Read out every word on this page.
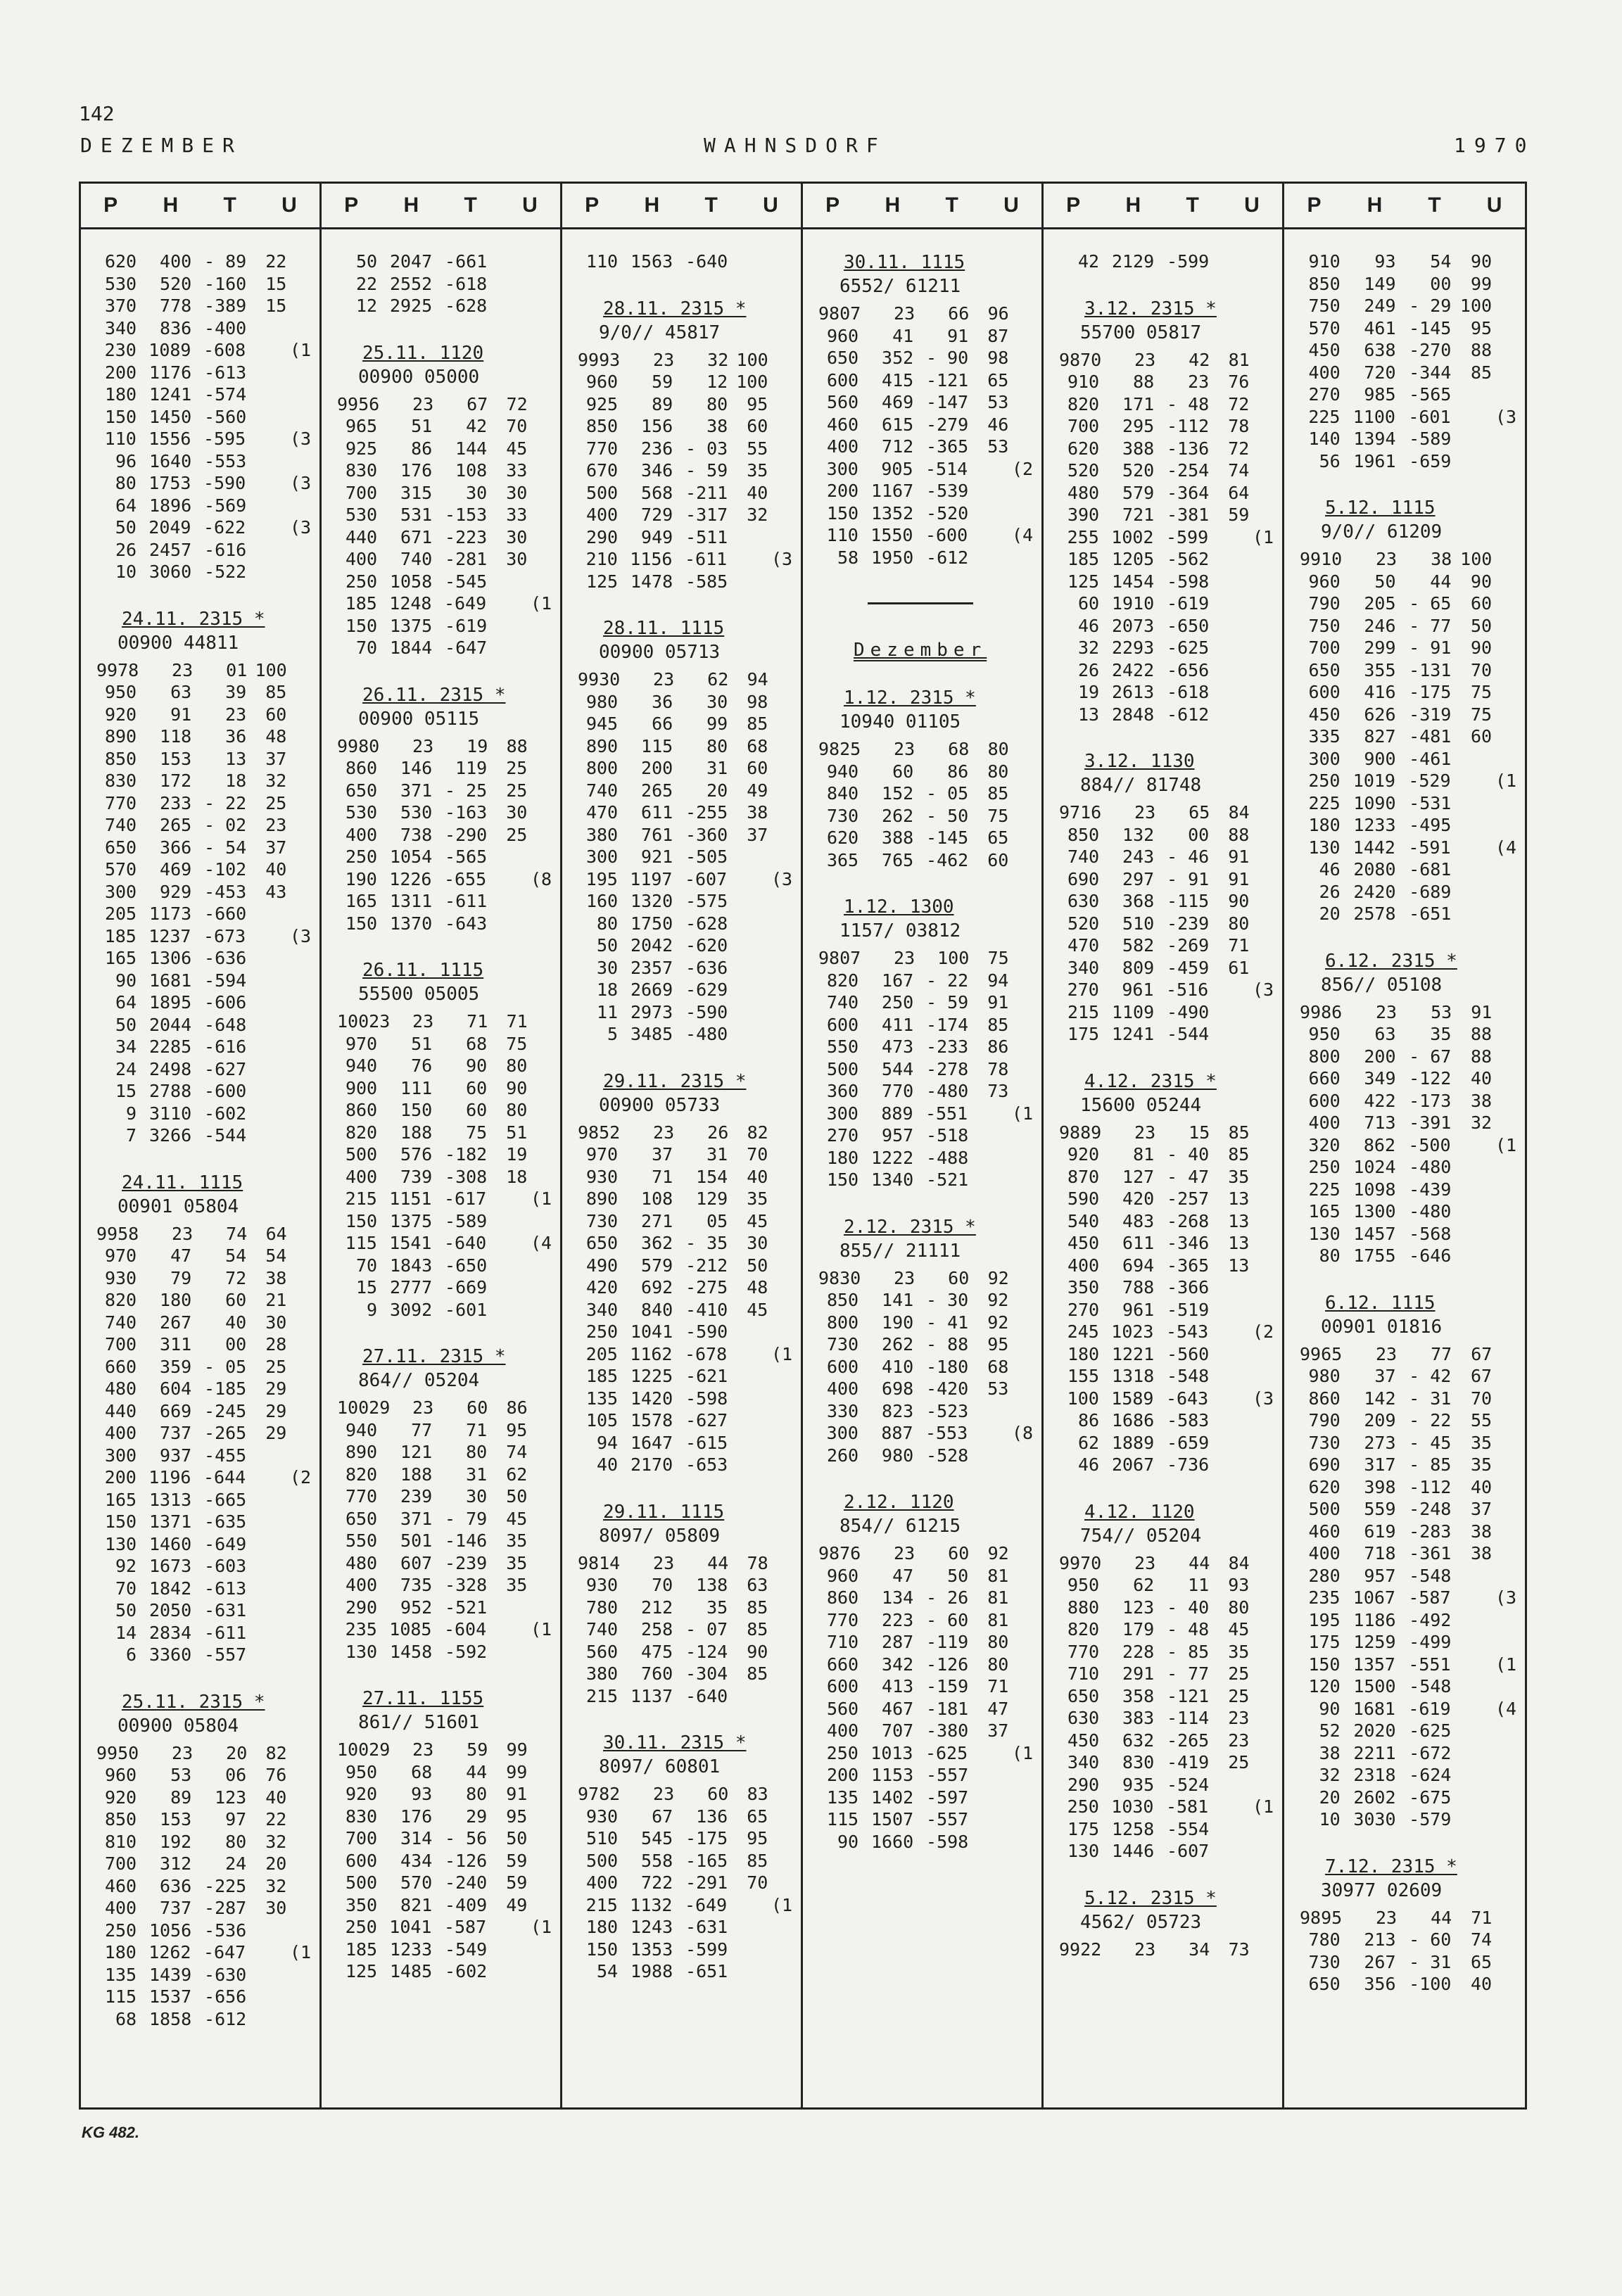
142
DEZEMBER	WAHNSDORF	1970
P H T U
620	400 - 89	22
530	520 -160	15
370	778 -389	15
340	836 -400
230 1089 -608	(1
200 1176 -613
180 1241 -574
150 1450 -560
110 1556 -595	(3
96 1640 -553
80 1753 -590	(3
64 1896 -569
50 2049 -622	(3
26 2457 -616
10 3060 -522
24.11. 2315 *
00900 44811
9978	23	01 100
950	63	39	85
920	91	23	60
890	118	36	48
850	153	13	37
830	172	18	32
770	233 - 22	25
740	265 - 02	23
650	366 - 54	37
570	469 -102	40
300	929 -453	43
205 1173 -660
185 1237 -673	(3
165 1306 -636
90 1681 -594
64 1895 -606
50 2044 -648
34 2285 -616
24 2498 -627
15 2788 -600
9 3110 -602
7 3266 -544
24.11. 1115
00901 05804
9958	23	74	64
970	47	54	54
930	79	72	38
820	180	60	21
740	267	40	30
700	311	00	28
660	359 - 05	25
480	604 -185	29
440	669 -245	29
400	737 -265	29
300	937 -455
200 1196 -644	(2
165 1313 -665
150 1371 -635
130 1460 -649
92 1673 -603
70 1842 -613
50 2050 -631
14 2834 -611
6 3360 -557
25.11. 2315 *
00900 05804
9950	23	20	82
960	53	06	76
920	89	123	40
850	153	97	22
810	192	80	32
700	312	24	20
460	636 -225	32
400	737 -287	30
250 1056 -536
180 1262 -647	(1
135 1439 -630
115 1537 -656
68 1858 -612
P H T U
50 2047 -661
22 2552 -618
12 2925 -628
25.11. 1120
00900 05000
9956	23	67	72
965	51	42	70
925	86	144	45
830	176	108	33
700	315	30	30
530	531 -153	33
440	671 -223	30
400	740 -281	30
250 1058 -545
185 1248 -649	(1
150 1375 -619
70 1844 -647
26.11. 2315 *
00900 05115
9980	23	19	88
860	146	119	25
650	371 - 25	25
530	530 -163	30
400	738 -290	25
250 1054 -565
190 1226 -655	(8
165 1311 -611
150 1370 -643
26.11. 1115
55500 05005
10023	23	71	71
970	51	68	75
940	76	90	80
900	111	60	90
860	150	60	80
820	188	75	51
500	576 -182	19
400	739 -308	18
215 1151 -617	(1
150 1375 -589
115 1541 -640	(4
70 1843 -650
15 2777 -669
9 3092 -601
27.11. 2315 *
864// 05204
10029	23	60	86
940	77	71	95
890	121	80	74
820	188	31	62
770	239	30	50
650	371 - 79	45
550	501 -146	35
480	607 -239	35
400	735 -328	35
290	952 -521
235 1085 -604	(1
130 1458 -592
27.11. 1155
861// 51601
10029	23	59	99
950	68	44	99
920	93	80	91
830	176	29	95
700	314 - 56	50
600	434 -126	59
500	570 -240	59
350	821 -409	49
250 1041 -587	(1
185 1233 -549
125 1485 -602
P H T U
110 1563 -640
28.11. 2315 *
9/0// 45817
9993	23	32 100
960	59	12 100
925	89	80	95
850	156	38	60
770	236 - 03	55
670	346 - 59	35
500	568 -211	40
400	729 -317	32
290	949 -511
210 1156 -611	(3
125 1478 -585
28.11. 1115
00900 05713
9930	23	62	94
980	36	30	98
945	66	99	85
890	115	80	68
800	200	31	60
740	265	20	49
470	611 -255	38
380	761 -360	37
300	921 -505
195 1197 -607	(3
160 1320 -575
80 1750 -628
50 2042 -620
30 2357 -636
18 2669 -629
11 2973 -590
5 3485 -480
29.11. 2315 *
00900 05733
9852	23	26	82
970	37	31	70
930	71	154	40
890	108	129	35
730	271	05	45
650	362 - 35	30
490	579 -212	50
420	692 -275	48
340	840 -410	45
250 1041 -590
205 1162 -678	(1
185 1225 -621
135 1420 -598
105 1578 -627
94 1647 -615
40 2170 -653
29.11. 1115
8097/ 05809
9814	23	44	78
930	70	138	63
780	212	35	85
740	258 - 07	85
560	475 -124	90
380	760 -304	85
215 1137 -640
30.11. 2315 *
8097/ 60801
9782	23	60	83
930	67	136	65
510	545 -175	95
500	558 -165	85
400	722 -291	70
215 1132 -649	(1
180 1243 -631
150 1353 -599
54 1988 -651
P H T U
30.11. 1115
6552/ 61211
9807	23	66	96
960	41	91	87
650	352 - 90	98
600	415 -121	65
560	469 -147	53
460	615 -279	46
400	712 -365	53
300	905 -514	(2
200 1167 -539
150 1352 -520
110 1550 -600	(4
58 1950 -612
Dezember
1.12. 2315 *
10940 01105
9825	23	68	80
940	60	86	80
840	152 - 05	85
730	262 - 50	75
620	388 -145	65
365	765 -462	60
1.12. 1300
1157/ 03812
9807	23	100	75
820	167 - 22	94
740	250 - 59	91
600	411 -174	85
550	473 -233	86
500	544 -278	78
360	770 -480	73
300	889 -551	(1
270	957 -518
180 1222 -488
150 1340 -521
2.12. 2315 *
855// 21111
9830	23	60	92
850	141 - 30	92
800	190 - 41	92
730	262 - 88	95
600	410 -180	68
400	698 -420	53
330	823 -523
300	887 -553	(8
260	980 -528
2.12. 1120
854// 61215
9876	23	60	92
960	47	50	81
860	134 - 26	81
770	223 - 60	81
710	287 -119	80
660	342 -126	80
600	413 -159	71
560	467 -181	47
400	707 -380	37
250 1013 -625	(1
200 1153 -557
135 1402 -597
115 1507 -557
90 1660 -598
P H T U
42 2129 -599
3.12. 2315 *
55700 05817
9870	23	42	81
910	88	23	76
820	171 - 48	72
700	295 -112	78
620	388 -136	72
520	520 -254	74
480	579 -364	64
390	721 -381	59
255 1002 -599	(1
185 1205 -562
125 1454 -598
60 1910 -619
46 2073 -650
32 2293 -625
26 2422 -656
19 2613 -618
13 2848 -612
3.12. 1130
884// 81748
9716	23	65	84
850	132	00	88
740	243 - 46	91
690	297 - 91	91
630	368 -115	90
520	510 -239	80
470	582 -269	71
340	809 -459	61
270	961 -516	(3
215 1109 -490
175 1241 -544
4.12. 2315 *
15600 05244
9889	23	15	85
920	81 - 40	85
870	127 - 47	35
590	420 -257	13
540	483 -268	13
450	611 -346	13
400	694 -365	13
350	788 -366
270	961 -519
245 1023 -543	(2
180 1221 -560
155 1318 -548
100 1589 -643	(3
86 1686 -583
62 1889 -659
46 2067 -736
4.12. 1120
754// 05204
9970	23	44	84
950	62	11	93
880	123 - 40	80
820	179 - 48	45
770	228 - 85	35
710	291 - 77	25
650	358 -121	25
630	383 -114	23
450	632 -265	23
340	830 -419	25
290	935 -524
250 1030 -581	(1
175 1258 -554
130 1446 -607
5.12. 2315 *
4562/ 05723
9922	23	34	73
P H T U
910	93	54	90
850	149	00	99
750	249 - 29 100
570	461 -145	95
450	638 -270	88
400	720 -344	85
270	985 -565
225 1100 -601	(3
140 1394 -589
56 1961 -659
5.12. 1115
9/0// 61209
9910	23	38 100
960	50	44	90
790	205 - 65	60
750	246 - 77	50
700	299 - 91	90
650	355 -131	70
600	416 -175	75
450	626 -319	75
335	827 -481	60
300	900 -461
250 1019 -529	(1
225 1090 -531
180 1233 -495
130 1442 -591	(4
46 2080 -681
26 2420 -689
20 2578 -651
6.12. 2315 *
856// 05108
9986	23	53	91
950	63	35	88
800	200 - 67	88
660	349 -122	40
600	422 -173	38
400	713 -391	32
320	862 -500	(1
250 1024 -480
225 1098 -439
165 1300 -480
130 1457 -568
80 1755 -646
6.12. 1115
00901 01816
9965	23	77	67
980	37 - 42	67
860	142 - 31	70
790	209 - 22	55
730	273 - 45	35
690	317 - 85	35
620	398 -112	40
500	559 -248	37
460	619 -283	38
400	718 -361	38
280	957 -548
235 1067 -587	(3
195 1186 -492
175 1259 -499
150 1357 -551	(1
120 1500 -548
90 1681 -619	(4
52 2020 -625
38 2211 -672
32 2318 -624
20 2602 -675
10 3030 -579
7.12. 2315 *
30977 02609
9895	23	44	71
780	213 - 60	74
730	267 - 31	65
650	356 -100	40
KG 482.
